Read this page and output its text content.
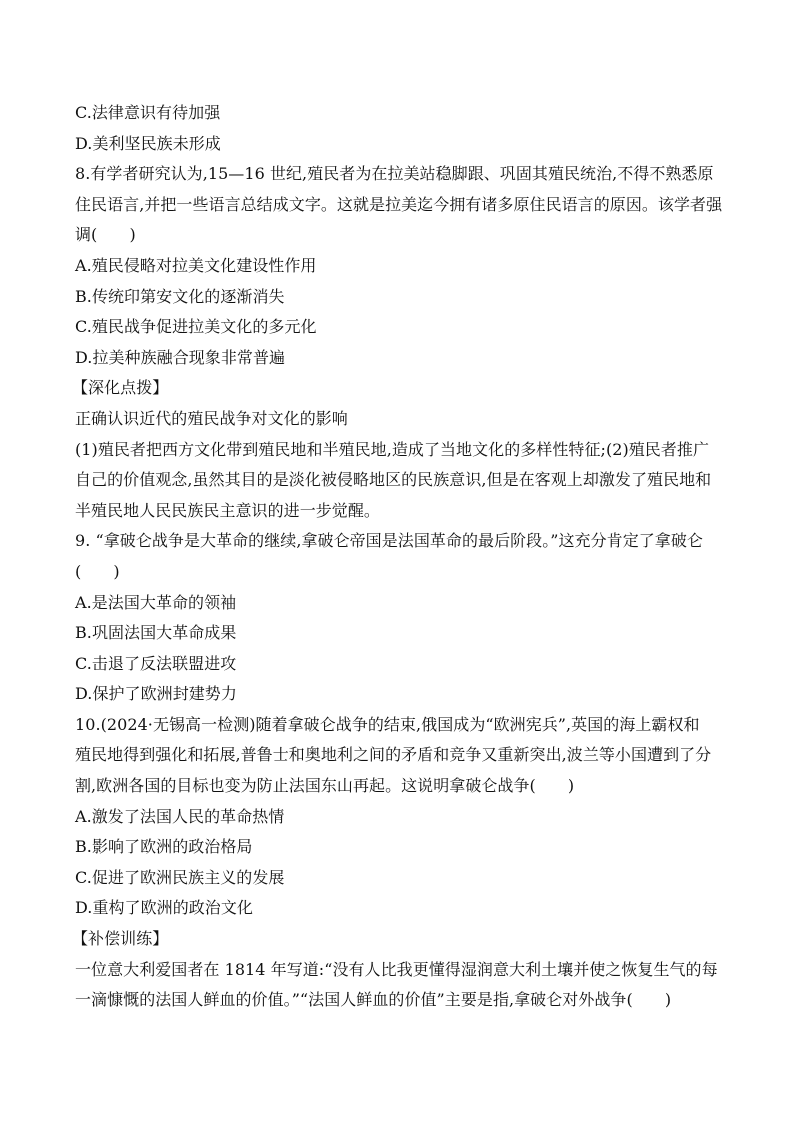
C.法律意识有待加强
D.美利坚民族未形成
8.有学者研究认为,15—16 世纪,殖民者为在拉美站稳脚跟、巩固其殖民统治,不得不熟悉原
住民语言,并把一些语言总结成文字。这就是拉美迄今拥有诸多原住民语言的原因。该学者强
调(　　)
A.殖民侵略对拉美文化建设性作用
B.传统印第安文化的逐渐消失
C.殖民战争促进拉美文化的多元化
D.拉美种族融合现象非常普遍
【深化点拨】
正确认识近代的殖民战争对文化的影响
(1)殖民者把西方文化带到殖民地和半殖民地,造成了当地文化的多样性特征;(2)殖民者推广
自己的价值观念,虽然其目的是淡化被侵略地区的民族意识,但是在客观上却激发了殖民地和
半殖民地人民民族民主意识的进一步觉醒。
9. “拿破仑战争是大革命的继续,拿破仑帝国是法国革命的最后阶段。”这充分肯定了拿破仑
(　　)
A.是法国大革命的领袖
B.巩固法国大革命成果
C.击退了反法联盟进攻
D.保护了欧洲封建势力
10.(2024·无锡高一检测)随着拿破仑战争的结束,俄国成为“欧洲宪兵”,英国的海上霸权和
殖民地得到强化和拓展,普鲁士和奥地利之间的矛盾和竞争又重新突出,波兰等小国遭到了分
割,欧洲各国的目标也变为防止法国东山再起。这说明拿破仑战争(　　)
A.激发了法国人民的革命热情
B.影响了欧洲的政治格局
C.促进了欧洲民族主义的发展
D.重构了欧洲的政治文化
【补偿训练】
一位意大利爱国者在 1814 年写道:“没有人比我更懂得湿润意大利土壤并使之恢复生气的每
一滴慷慨的法国人鲜血的价值。”“法国人鲜血的价值”主要是指,拿破仑对外战争(　　)
